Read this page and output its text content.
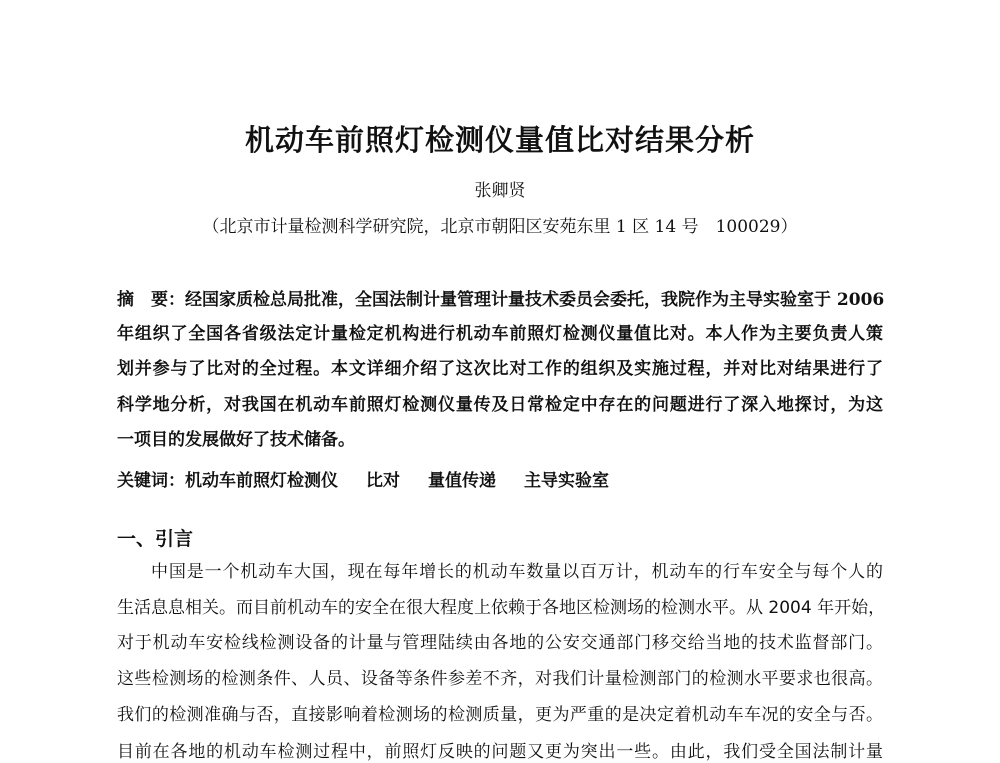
机动车前照灯检测仪量值比对结果分析
张卿贤
（北京市计量检测科学研究院，北京市朝阳区安苑东里 1 区 14 号　100029）
摘　要：经国家质检总局批准，全国法制计量管理计量技术委员会委托，我院作为主导实验室于 2006
年组织了全国各省级法定计量检定机构进行机动车前照灯检测仪量值比对。本人作为主要负责人策
划并参与了比对的全过程。本文详细介绍了这次比对工作的组织及实施过程，并对比对结果进行了
科学地分析，对我国在机动车前照灯检测仪量传及日常检定中存在的问题进行了深入地探讨，为这
一项目的发展做好了技术储备。
关键词：机动车前照灯检测仪 比对 量值传递 主导实验室
一、引言
中国是一个机动车大国，现在每年增长的机动车数量以百万计，机动车的行车安全与每个人的
生活息息相关。而目前机动车的安全在很大程度上依赖于各地区检测场的检测水平。从 2004 年开始，
对于机动车安检线检测设备的计量与管理陆续由各地的公安交通部门移交给当地的技术监督部门。
这些检测场的检测条件、人员、设备等条件参差不齐，对我们计量检测部门的检测水平要求也很高。
我们的检测准确与否，直接影响着检测场的检测质量，更为严重的是决定着机动车车况的安全与否。
目前在各地的机动车检测过程中，前照灯反映的问题又更为突出一些。由此，我们受全国法制计量
